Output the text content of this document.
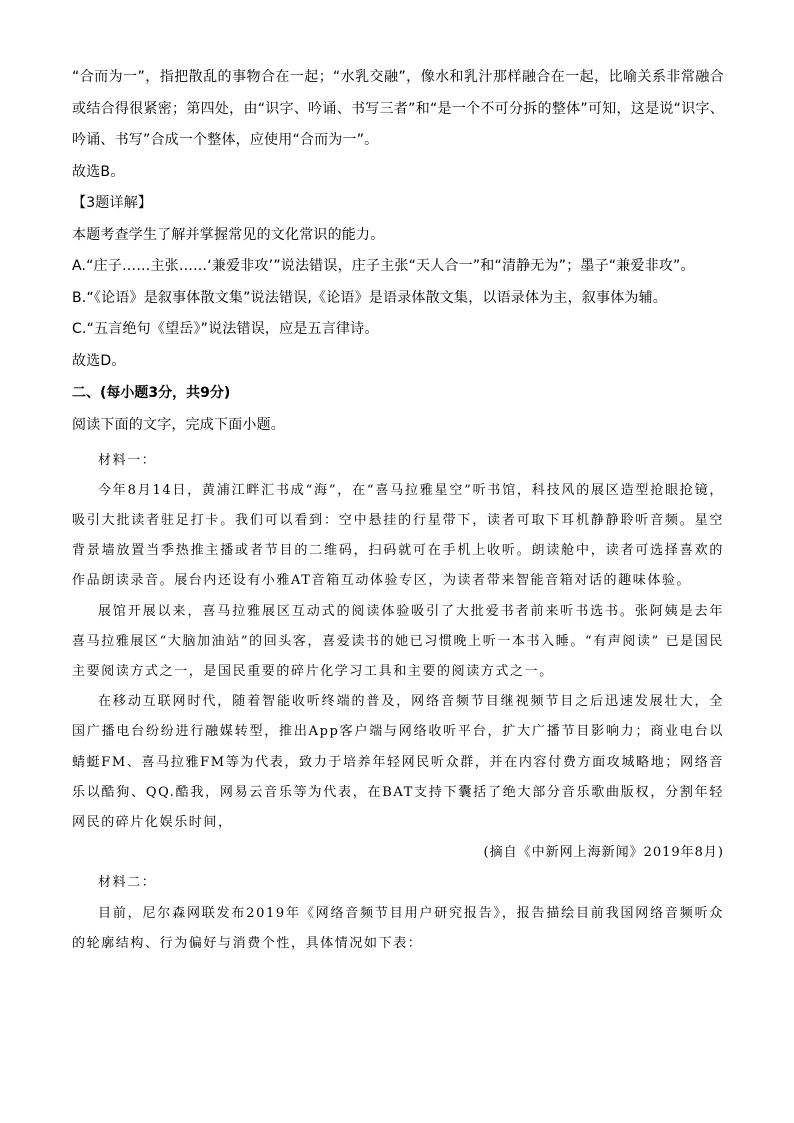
“合而为一”，指把散乱的事物合在一起；“水乳交融”，像水和乳汁那样融合在一起，比喻关系非常融合或结合得很紧密；第四处，由“识字、吟诵、书写三者”和“是一个不可分拆的整体”可知，这是说“识字、吟诵、书写”合成一个整体，应使用“合而为一”。

故选B。

【3题详解】

本题考查学生了解并掌握常见的文化常识的能力。

A.“庄子……主张……‘兼爱非攻’”说法错误，庄子主张“天人合一”和“清静无为”；墨子“兼爱非攻”。

B.“《论语》是叙事体散文集”说法错误,《论语》是语录体散文集，以语录体为主，叙事体为辅。

C.“五言绝句《望岳》”说法错误，应是五言律诗。

故选D。

二、(每小题3分，共9分)

阅读下面的文字，完成下面小题。

材料一：

今年8月14日，黄浦江畔汇书成“海”，在“喜马拉雅星空”听书馆，科技风的展区造型抢眼抢镜，吸引大批读者驻足打卡。我们可以看到：空中悬挂的行星带下，读者可取下耳机静静聆听音频。星空背景墙放置当季热推主播或者节目的二维码，扫码就可在手机上收听。朗读舱中，读者可选择喜欢的作品朗读录音。展台内还设有小雅AT音箱互动体验专区，为读者带来智能音箱对话的趣味体验。

展馆开展以来，喜马拉雅展区互动式的阅读体验吸引了大批爱书者前来听书选书。张阿姨是去年喜马拉雅展区“大脑加油站”的回头客，喜爱读书的她已习惯晚上听一本书入睡。“有声阅读” 已是国民主要阅读方式之一，是国民重要的碎片化学习工具和主要的阅读方式之一。

在移动互联网时代，随着智能收听终端的普及，网络音频节目继视频节目之后迅速发展壮大，全国广播电台纷纷进行融媒转型，推出App客户端与网络收听平台，扩大广播节目影响力；商业电台以蜻蜓FM、喜马拉雅FM等为代表，致力于培养年轻网民听众群，并在内容付费方面攻城略地；网络音乐以酷狗、QQ.酷我，网易云音乐等为代表，在BAT支持下囊括了绝大部分音乐歌曲版权，分割年轻网民的碎片化娱乐时间，

(摘自《中新网上海新闻》2019年8月)

材料二：

目前，尼尔森网联发布2019年《网络音频节目用户研究报告》，报告描绘目前我国网络音频听众的轮廓结构、行为偏好与消费个性，具体情况如下表：
